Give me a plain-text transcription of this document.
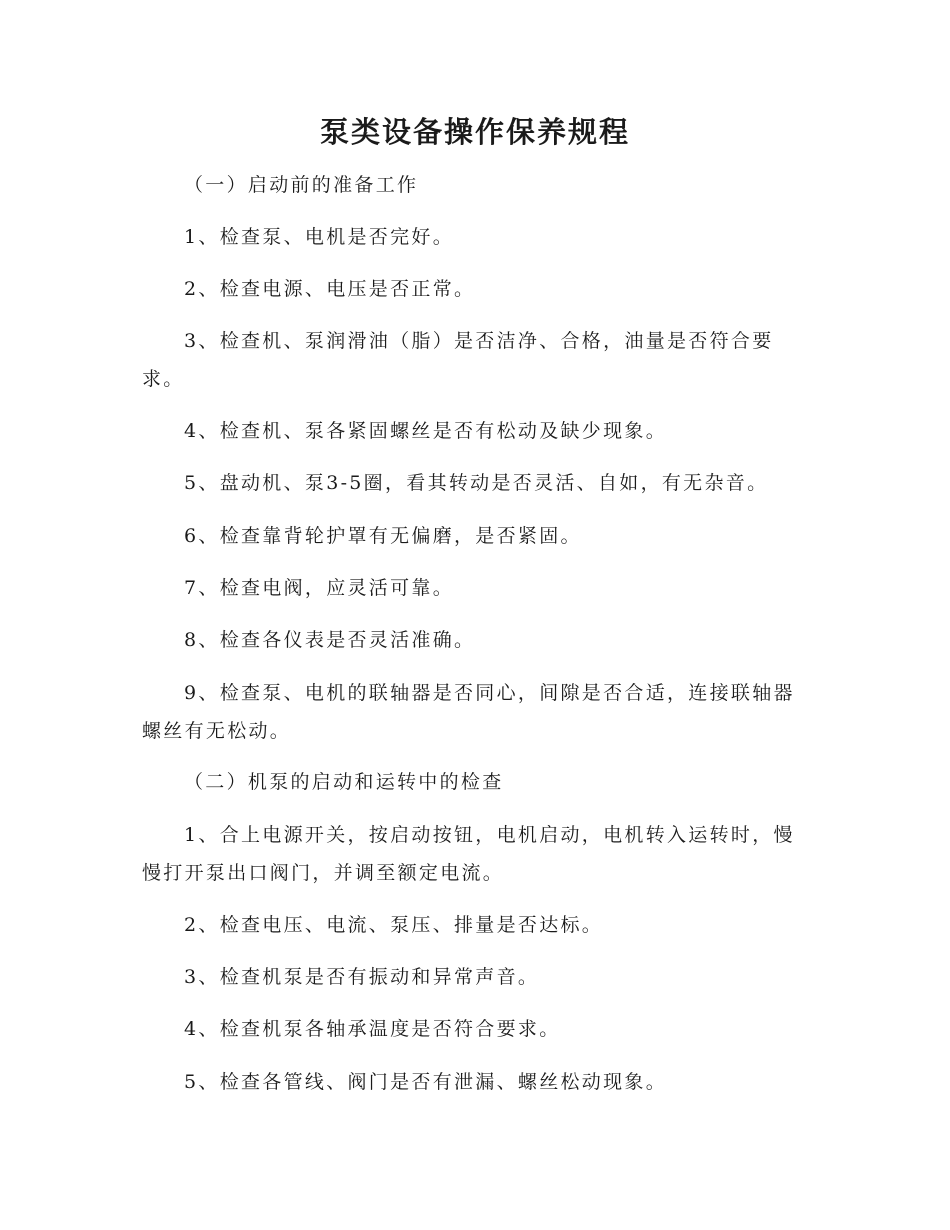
泵类设备操作保养规程

（一）启动前的准备工作

1、检查泵、电机是否完好。

2、检查电源、电压是否正常。

3、检查机、泵润滑油（脂）是否洁净、合格，油量是否符合要求。

4、检查机、泵各紧固螺丝是否有松动及缺少现象。

5、盘动机、泵3-5圈，看其转动是否灵活、自如，有无杂音。

6、检查靠背轮护罩有无偏磨，是否紧固。

7、检查电阀，应灵活可靠。

8、检查各仪表是否灵活准确。

9、检查泵、电机的联轴器是否同心，间隙是否合适，连接联轴器螺丝有无松动。

（二）机泵的启动和运转中的检查

1、合上电源开关，按启动按钮，电机启动，电机转入运转时，慢慢打开泵出口阀门，并调至额定电流。

2、检查电压、电流、泵压、排量是否达标。

3、检查机泵是否有振动和异常声音。

4、检查机泵各轴承温度是否符合要求。

5、检查各管线、阀门是否有泄漏、螺丝松动现象。
